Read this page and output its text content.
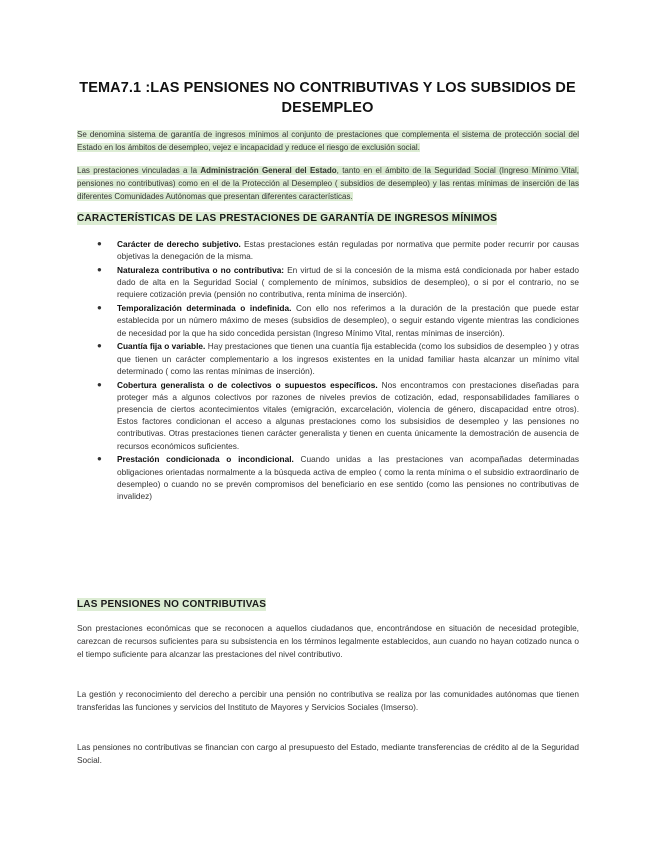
TEMA7.1 :LAS PENSIONES NO CONTRIBUTIVAS Y LOS SUBSIDIOS DE DESEMPLEO
Se denomina sistema de garantía de ingresos mínimos al conjunto de prestaciones que complementa el sistema de protección social del Estado en los ámbitos de desempleo, vejez e incapacidad y reduce el riesgo de exclusión social.
Las prestaciones vinculadas a la Administración General del Estado, tanto en el ámbito de la Seguridad Social (Ingreso Mínimo Vital, pensiones no contributivas) como en el de la Protección al Desempleo ( subsidios de desempleo) y las rentas mínimas de inserción de las diferentes Comunidades Autónomas que presentan diferentes características.
CARACTERÍSTICAS DE LAS PRESTACIONES DE GARANTÍA DE INGRESOS MÍNIMOS
● Carácter de derecho subjetivo. Estas prestaciones están reguladas por normativa que permite poder recurrir por causas objetivas la denegación de la misma.
● Naturaleza contributiva o no contributiva: En virtud de si la concesión de la misma está condicionada por haber estado dado de alta en la Seguridad Social ( complemento de mínimos, subsidios de desempleo), o si por el contrario, no se requiere cotización previa (pensión no contributiva, renta mínima de inserción).
● Temporalización determinada o indefinida. Con ello nos referimos a la duración de la prestación que puede estar establecida por un número máximo de meses (subsidios de desempleo), o seguir estando vigente mientras las condiciones de necesidad por la que ha sido concedida persistan (Ingreso Mínimo Vital, rentas mínimas de inserción).
● Cuantía fija o variable. Hay prestaciones que tienen una cuantía fija establecida (como los subsidios de desempleo ) y otras que tienen un carácter complementario a los ingresos existentes en la unidad familiar hasta alcanzar un mínimo vital determinado ( como las rentas mínimas de inserción).
● Cobertura generalista o de colectivos o supuestos específicos. Nos encontramos con prestaciones diseñadas para proteger más a algunos colectivos por razones de niveles previos de cotización, edad, responsabilidades familiares o presencia de ciertos acontecimientos vitales (emigración, excarcelación, violencia de género, discapacidad entre otros). Estos factores condicionan el acceso a algunas prestaciones como los subsisidios de desempleo y las pensiones no contributivas. Otras prestaciones tienen carácter generalista y tienen en cuenta únicamente la demostración de ausencia de recursos económicos suficientes.
● Prestación condicionada o incondicional. Cuando unidas a las prestaciones van acompañadas determinadas obligaciones orientadas normalmente a la búsqueda activa de empleo ( como la renta mínima o el subsidio extraordinario de desempleo) o cuando no se prevén compromisos del beneficiario en ese sentido (como las pensiones no contributivas de invalidez)
LAS PENSIONES NO CONTRIBUTIVAS
Son prestaciones económicas que se reconocen a aquellos ciudadanos que, encontrándose en situación de necesidad protegible, carezcan de recursos suficientes para su subsistencia en los términos legalmente establecidos, aun cuando no hayan cotizado nunca o el tiempo suficiente para alcanzar las prestaciones del nivel contributivo.
La gestión y reconocimiento del derecho a percibir una pensión no contributiva se realiza por las comunidades autónomas que tienen transferidas las funciones y servicios del Instituto de Mayores y Servicios Sociales (Imserso).
Las pensiones no contributivas se financian con cargo al presupuesto del Estado, mediante transferencias de crédito al de la Seguridad Social.
